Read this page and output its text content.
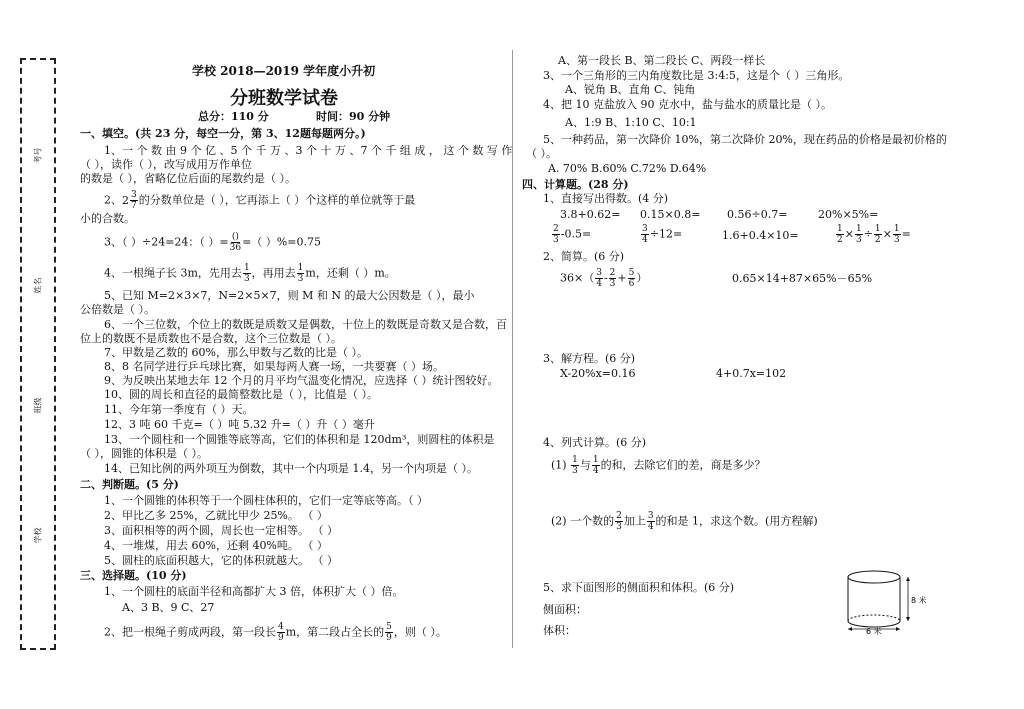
考号
姓名
班级
学校
学校 2018—2019 学年度小升初
分班数学试卷
总分：110 分	时间：90 分钟
一、填空。(共 23 分，每空一分，第 3、12题每题两分。)
1、一 个 数 由 9 个 亿 、5 个 千 万 、3 个 十 万 、7 个 千 组 成 ， 这 个 数 写 作
（ ），读作（ ），改写成用万作单位
的数是（ ），省略亿位后面的尾数约是（ ）。
2、 $2 \frac{3}{7}$ 的分数单位是（ ），它再添上（ ）个这样的单位就等于最
小的合数。
3、（ ）÷24=24：（ ）= $\frac{()}{36}$ =（ ）%=0.75
4、一根绳子长 3m，先用去 $\frac{1}{3}$ ，再用去 $\frac{1}{3}$ m，还剩（ ）m。
5、已知 M=2×3×7，N=2×5×7，则 M 和 N 的最大公因数是（ ），最小
公倍数是（ ）。
6、一个三位数，个位上的数既是质数又是偶数，十位上的数既是奇数又是合数，百
位上的数既不是质数也不是合数，这个三位数是（ ）。
7、甲数是乙数的 60%，那么甲数与乙数的比是（ ）。
8、8 名同学进行乒乓球比赛，如果每两人赛一场，一共要赛（ ）场。
9、为反映出某地去年 12 个月的月平均气温变化情况，应选择（ ）统计图较好。
10、圆的周长和直径的最简整数比是（ ），比值是（ ）。
11、今年第一季度有（ ）天。
12、3 吨 60 千克=（ ）吨 5.32 升=（ ）升（ ）毫升
13、一个圆柱和一个圆锥等底等高，它们的体积和是 120dm³，则圆柱的体积是
（ ），圆锥的体积是（ ）。
14、已知比例的两外项互为倒数，其中一个内项是 1.4，另一个内项是（ ）。
二、判断题。(5 分)
1、一个圆锥的体积等于一个圆柱体积的，它们一定等底等高。（ ）
2、甲比乙多 25%，乙就比甲少 25%。 （ ）
3、面积相等的两个圆，周长也一定相等。 （ ）
4、一堆煤，用去 60%，还剩 40%吨。 （ ）
5、圆柱的底面积越大，它的体积就越大。 （ ）
三、选择题。(10 分)
1、一个圆柱的底面半径和高都扩大 3 倍，体积扩大（ ）倍。
A、3 B、9 C、27
2、把一根绳子剪成两段，第一段长 $\frac{4}{9}$ m，第二段占全长的 $\frac{5}{9}$ ，则（ ）。
A、第一段长 B、第二段长 C、两段一样长
3、一个三角形的三内角度数比是 3:4:5，这是个（ ）三角形。
A、锐角 B、直角 C、钝角
4、把 10 克盐放入 90 克水中，盐与盐水的质量比是（ ）。
A、1:9 B、1:10 C、10:1
5、一种药品，第一次降价 10%，第二次降价 20%，现在药品的价格是最初价格的
（ ）。
A. 70% B.60% C.72% D.64%
四、计算题。(28 分)
1、直接写出得数。(4 分)
3.8+0.62= 0.15×0.8= 0.56÷0.7=	20%×5%=
$\frac{2}{3} -0.5=$	$\frac{3}{4} \div 12=$	1.6+0.4×10=	$\frac{1}{2} \times \frac{1}{3} \div \frac{1}{2} \times \frac{1}{3}$ =
2、简算。(6 分)
$36\times( \frac{3}{4} - \frac{2}{3} + \frac{5}{6}$ ）	0.65×14+87×65%－65%
3、解方程。(6 分)
X-20%x=0.16	4+0.7x=102
4、列式计算。(6 分)
$(1) \frac{1}{3}$ 与 $\frac{1}{4}$ 的和，去除它们的差，商是多少？
(2) 一个数的 $\frac{2}{3}$ 加上 $\frac{3}{4}$ 的和是 1，求这个数。(用方程解)
5、求下面图形的侧面积和体积。(6 分)
侧面积：
体积：
8 米
6 米
